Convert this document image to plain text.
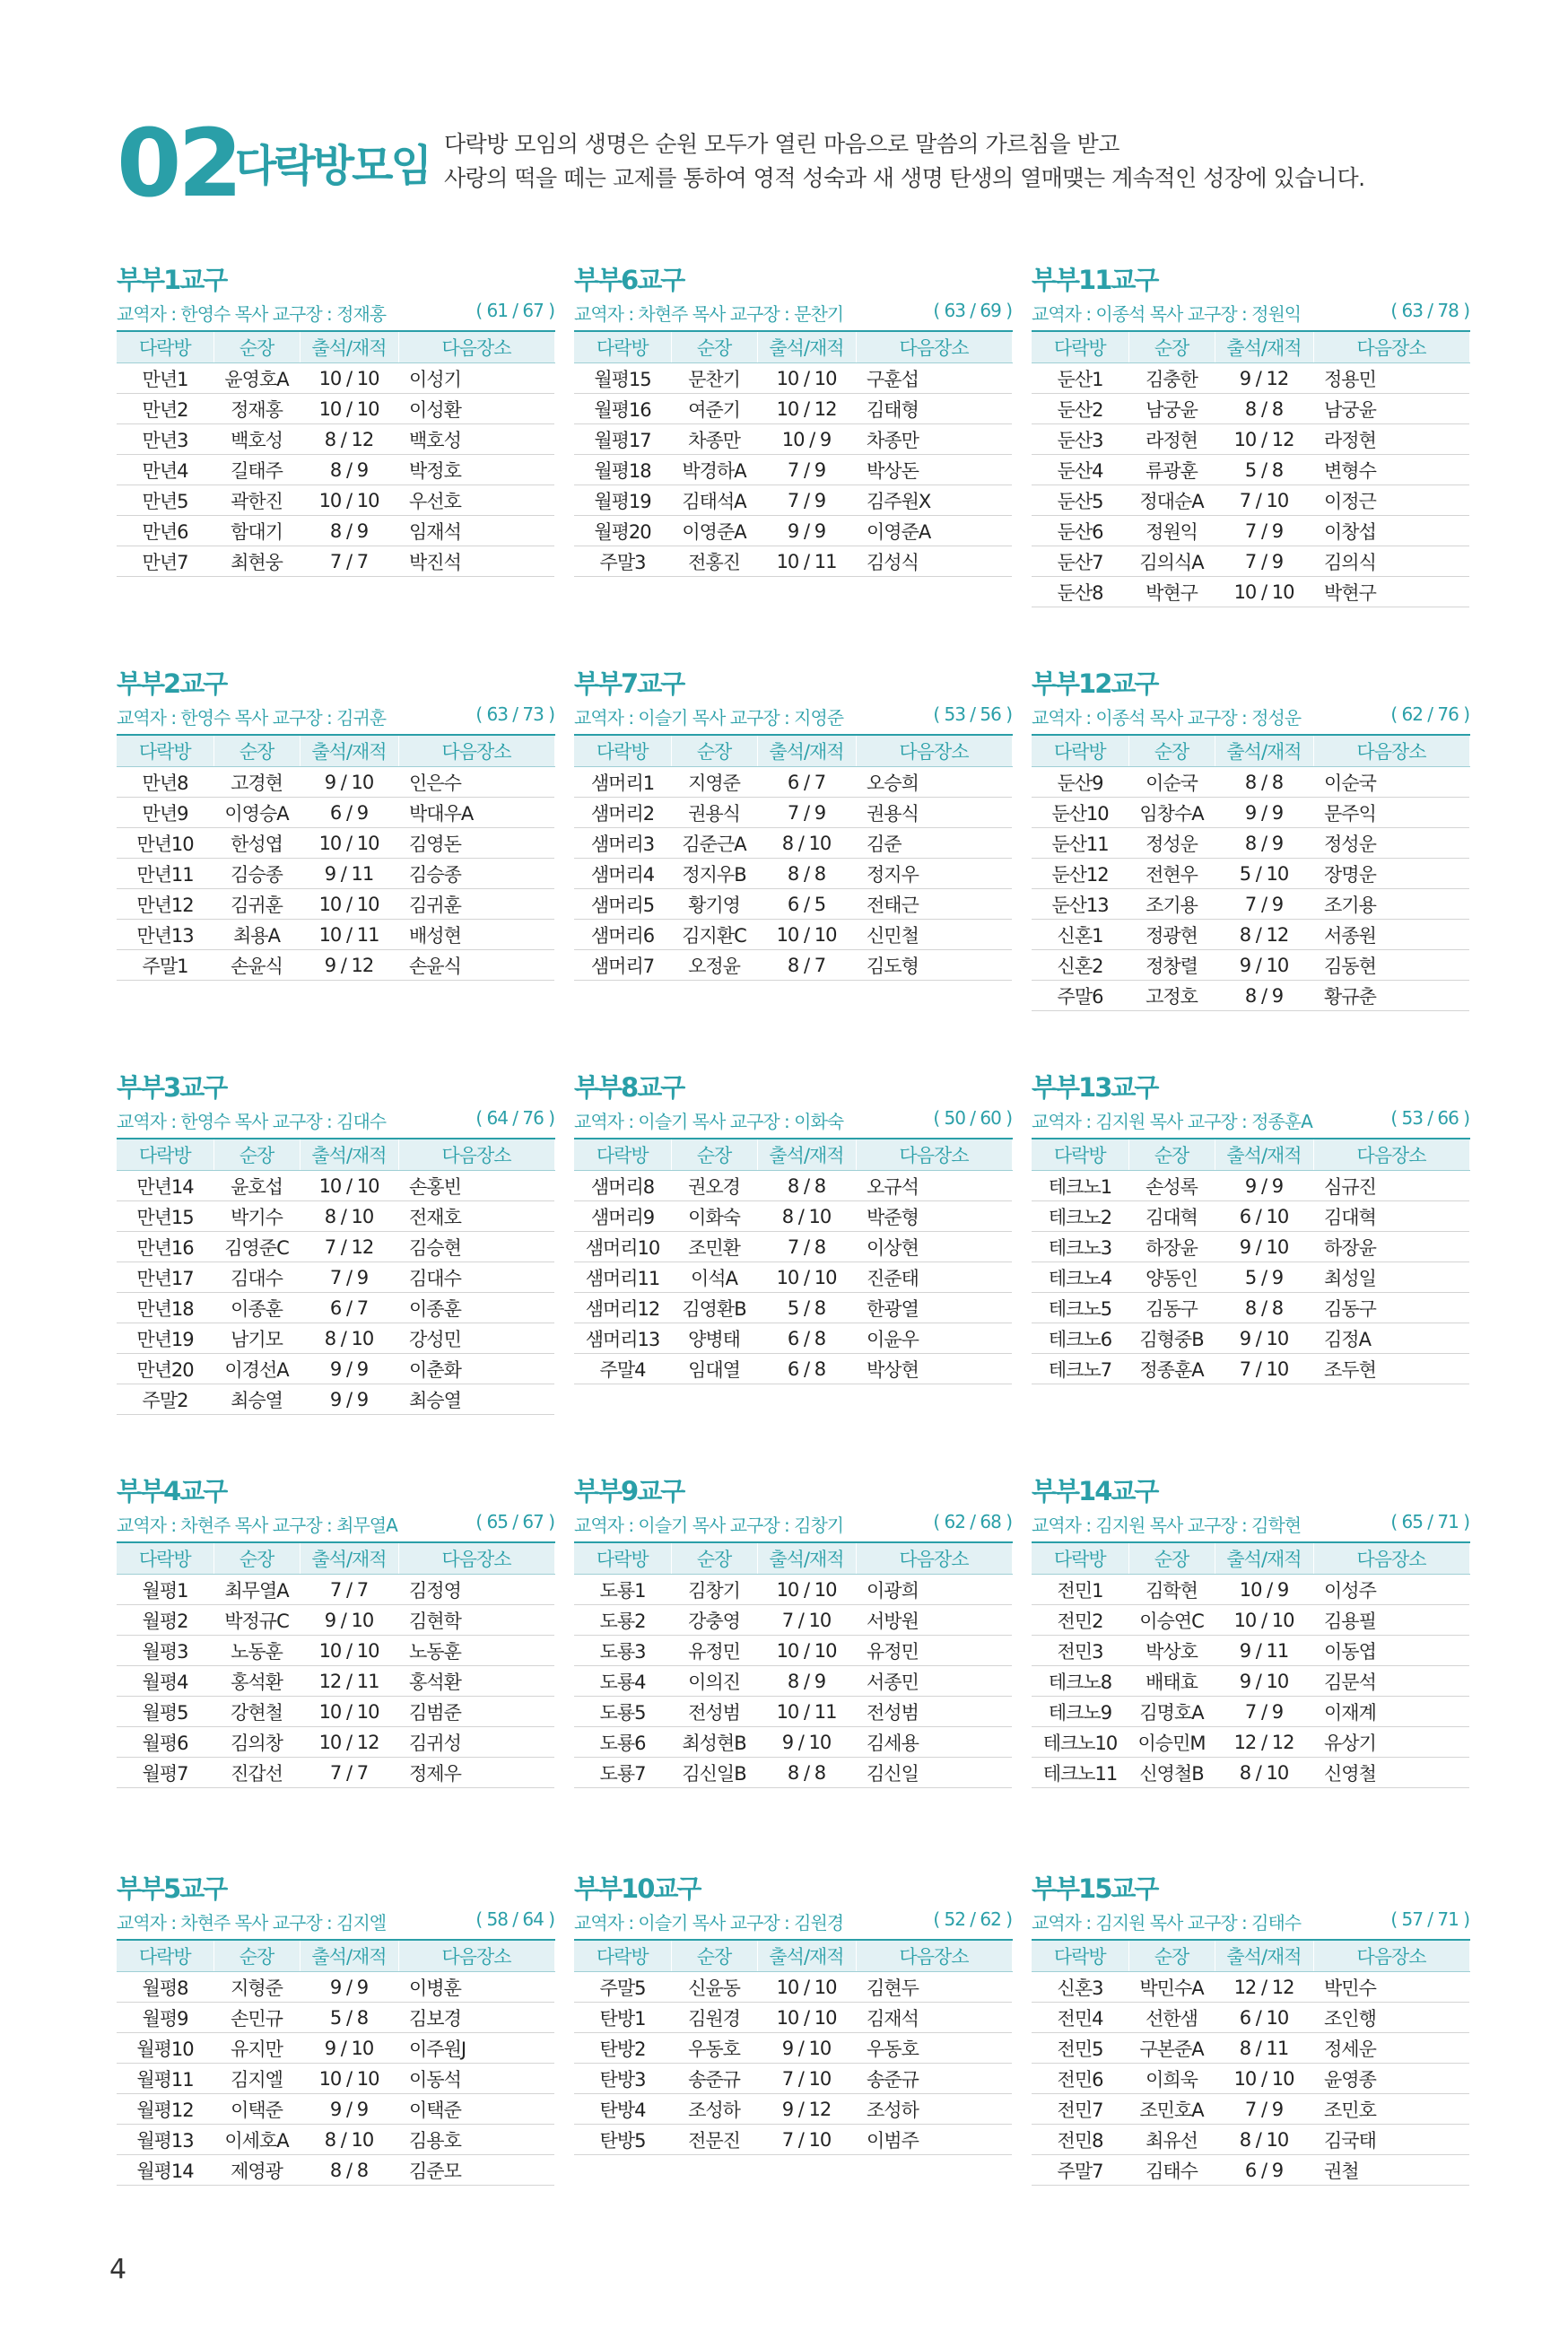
02
다락방모임 다락방 모임의 생명은 순원 모두가 열린 마음으로 말씀의 가르침을 받고
사랑의 떡을 떼는 교제를 통하여 영적 성숙과 새 생명 탄생의 열매맺는 계속적인 성장에 있습니다.
부부1교구
교역자 : 한영수 목사 교구장 : 정재홍	( 61 / 67 )
다락방	순장	출석/재적	다음장소
만년1	윤영호A	10 / 10	이성기
만년2	정재홍	10 / 10	이성환
만년3	백호성	8 / 12	백호성
만년4	길태주	8 / 9	박정호
만년5	곽한진	10 / 10	우선호
만년6	함대기	8 / 9	임재석
만년7	최현웅	7 / 7	박진석
부부6교구
교역자 : 차현주 목사 교구장 : 문찬기	( 63 / 69 )
다락방	순장	출석/재적	다음장소
월평15	문찬기	10 / 10	구훈섭
월평16	여준기	10 / 12	김태형
월평17	차종만	10 / 9	차종만
월평18	박경하A	7 / 9	박상돈
월평19	김태석A	7 / 9	김주원X
월평20	이영준A	9 / 9	이영준A
주말3	전홍진	10 / 11	김성식
부부11교구
교역자 : 이종석 목사 교구장 : 정원익	( 63 / 78 )
다락방	순장	출석/재적	다음장소
둔산1	김충한	9 / 12	정용민
둔산2	남궁윤	8 / 8	남궁윤
둔산3	라정현	10 / 12	라정현
둔산4	류광훈	5 / 8	변형수
둔산5	정대순A	7 / 10	이정근
둔산6	정원익	7 / 9	이창섭
둔산7	김의식A	7 / 9	김의식
둔산8	박현구	10 / 10	박현구
부부2교구
교역자 : 한영수 목사 교구장 : 김귀훈	( 63 / 73 )
다락방	순장	출석/재적	다음장소
만년8	고경현	9 / 10	인은수
만년9	이영승A	6 / 9	박대우A
만년10	한성엽	10 / 10	김영돈
만년11	김승종	9 / 11	김승종
만년12	김귀훈	10 / 10	김귀훈
만년13	최용A	10 / 11	배성현
주말1	손윤식	9 / 12	손윤식
부부7교구
교역자 : 이슬기 목사 교구장 : 지영준	( 53 / 56 )
다락방	순장	출석/재적	다음장소
샘머리1	지영준	6 / 7	오승희
샘머리2	권용식	7 / 9	권용식
샘머리3	김준근A	8 / 10	김준
샘머리4	정지우B	8 / 8	정지우
샘머리5	황기영	6 / 5	전태근
샘머리6	김지환C	10 / 10	신민철
샘머리7	오정윤	8 / 7	김도형
부부12교구
교역자 : 이종석 목사 교구장 : 정성운	( 62 / 76 )
다락방	순장	출석/재적	다음장소
둔산9	이순국	8 / 8	이순국
둔산10	임창수A	9 / 9	문주익
둔산11	정성운	8 / 9	정성운
둔산12	전현우	5 / 10	장명운
둔산13	조기용	7 / 9	조기용
신혼1	정광현	8 / 12	서종원
신혼2	정창렬	9 / 10	김동현
주말6	고정호	8 / 9	황규춘
부부3교구
교역자 : 한영수 목사 교구장 : 김대수	( 64 / 76 )
다락방	순장	출석/재적	다음장소
만년14	윤호섭	10 / 10	손홍빈
만년15	박기수	8 / 10	전재호
만년16	김영준C	7 / 12	김승현
만년17	김대수	7 / 9	김대수
만년18	이종훈	6 / 7	이종훈
만년19	남기모	8 / 10	강성민
만년20	이경선A	9 / 9	이춘화
주말2	최승열	9 / 9	최승열
부부8교구
교역자 : 이슬기 목사 교구장 : 이화숙	( 50 / 60 )
다락방	순장	출석/재적	다음장소
샘머리8	권오경	8 / 8	오규석
샘머리9	이화숙	8 / 10	박준형
샘머리10	조민환	7 / 8	이상현
샘머리11	이석A	10 / 10	진준태
샘머리12	김영환B	5 / 8	한광열
샘머리13	양병태	6 / 8	이윤우
주말4	임대열	6 / 8	박상현
부부13교구
교역자 : 김지원 목사 교구장 : 정종훈A	( 53 / 66 )
다락방	순장	출석/재적	다음장소
테크노1	손성록	9 / 9	심규진
테크노2	김대혁	6 / 10	김대혁
테크노3	하장윤	9 / 10	하장윤
테크노4	양동인	5 / 9	최성일
테크노5	김동구	8 / 8	김동구
테크노6	김형중B	9 / 10	김정A
테크노7	정종훈A	7 / 10	조두현
부부4교구
교역자 : 차현주 목사 교구장 : 최무열A	( 65 / 67 )
다락방	순장	출석/재적	다음장소
월평1	최무열A	7 / 7	김정영
월평2	박정규C	9 / 10	김현학
월평3	노동훈	10 / 10	노동훈
월평4	홍석환	12 / 11	홍석환
월평5	강현철	10 / 10	김범준
월평6	김의창	10 / 12	김귀성
월평7	진갑선	7 / 7	정제우
부부9교구
교역자 : 이슬기 목사 교구장 : 김창기	( 62 / 68 )
다락방	순장	출석/재적	다음장소
도룡1	김창기	10 / 10	이광희
도룡2	강충영	7 / 10	서방원
도룡3	유정민	10 / 10	유정민
도룡4	이의진	8 / 9	서종민
도룡5	전성범	10 / 11	전성범
도룡6	최성현B	9 / 10	김세용
도룡7	김신일B	8 / 8	김신일
부부14교구
교역자 : 김지원 목사 교구장 : 김학현	( 65 / 71 )
다락방	순장	출석/재적	다음장소
전민1	김학현	10 / 9	이성주
전민2	이승연C	10 / 10	김용필
전민3	박상호	9 / 11	이동엽
테크노8	배태효	9 / 10	김문석
테크노9	김명호A	7 / 9	이재계
테크노10	이승민M	12 / 12	유상기
테크노11	신영철B	8 / 10	신영철
부부5교구
교역자 : 차현주 목사 교구장 : 김지엘	( 58 / 64 )
다락방	순장	출석/재적	다음장소
월평8	지형준	9 / 9	이병훈
월평9	손민규	5 / 8	김보경
월평10	유지만	9 / 10	이주원J
월평11	김지엘	10 / 10	이동석
월평12	이택준	9 / 9	이택준
월평13	이세호A	8 / 10	김용호
월평14	제영광	8 / 8	김준모
부부10교구
교역자 : 이슬기 목사 교구장 : 김원경	( 52 / 62 )
다락방	순장	출석/재적	다음장소
주말5	신윤동	10 / 10	김현두
탄방1	김원경	10 / 10	김재석
탄방2	우동호	9 / 10	우동호
탄방3	송준규	7 / 10	송준규
탄방4	조성하	9 / 12	조성하
탄방5	전문진	7 / 10	이범주
부부15교구
교역자 : 김지원 목사 교구장 : 김태수	( 57 / 71 )
다락방	순장	출석/재적	다음장소
신혼3	박민수A	12 / 12	박민수
전민4	선한샘	6 / 10	조인행
전민5	구본준A	8 / 11	정세운
전민6	이희욱	10 / 10	윤영종
전민7	조민호A	7 / 9	조민호
전민8	최유선	8 / 10	김국태
주말7	김태수	6 / 9	권철
4
